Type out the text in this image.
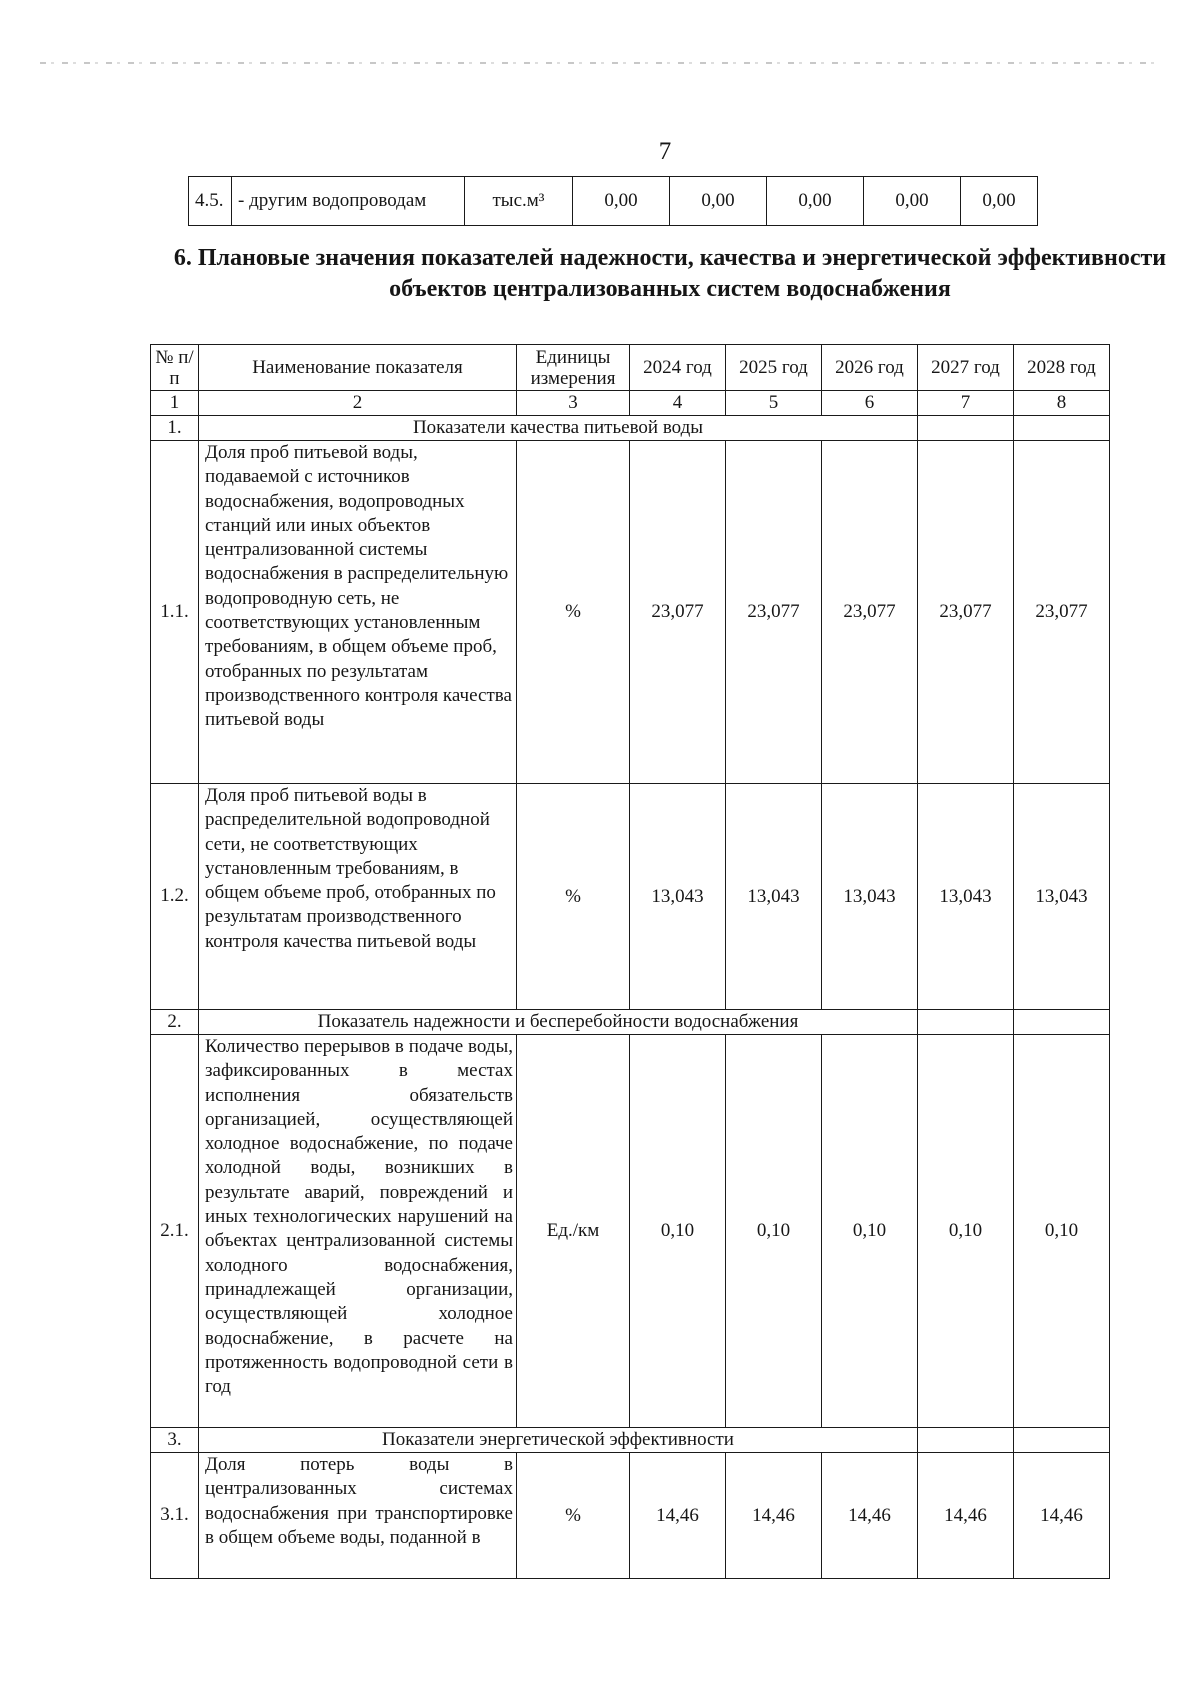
7
4.5.	- другим водопроводам	тыс.м³	0,00	0,00	0,00	0,00	0,00
6. Плановые значения показателей надежности, качества и энергетической эффективности объектов централизованных систем водоснабжения
№ п/п	Наименование показателя	Единицы измерения	2024 год	2025 год	2026 год	2027 год	2028 год
1	2	3	4	5	6	7	8
1.	Показатели качества питьевой воды						
1.1.	Доля проб питьевой воды, подаваемой с источников водоснабжения, водопроводных станций или иных объектов централизованной системы водоснабжения в распределительную водопроводную сеть, не соответствующих установленным требованиям, в общем объеме проб, отобранных по результатам производственного контроля качества питьевой воды	%	23,077	23,077	23,077	23,077	23,077
1.2.	Доля проб питьевой воды в распределительной водопроводной сети, не соответствующих установленным требованиям, в общем объеме проб, отобранных по результатам производственного контроля качества питьевой воды	%	13,043	13,043	13,043	13,043	13,043
2.	Показатель надежности и бесперебойности водоснабжения						
2.1.	Количество перерывов в подаче воды, зафиксированных в местах исполнения обязательств организацией, осуществляющей холодное водоснабжение, по подаче холодной воды, возникших в результате аварий, повреждений и иных технологических нарушений на объектах централизованной системы холодного водоснабжения, принадлежащей организации, осуществляющей холодное водоснабжение, в расчете на протяженность водопроводной сети в год	Ед./км	0,10	0,10	0,10	0,10	0,10
3.	Показатели энергетической эффективности						
3.1.	Доля потерь воды в централизованных системах водоснабжения при транспортировке в общем объеме воды, поданной в	%	14,46	14,46	14,46	14,46	14,46
